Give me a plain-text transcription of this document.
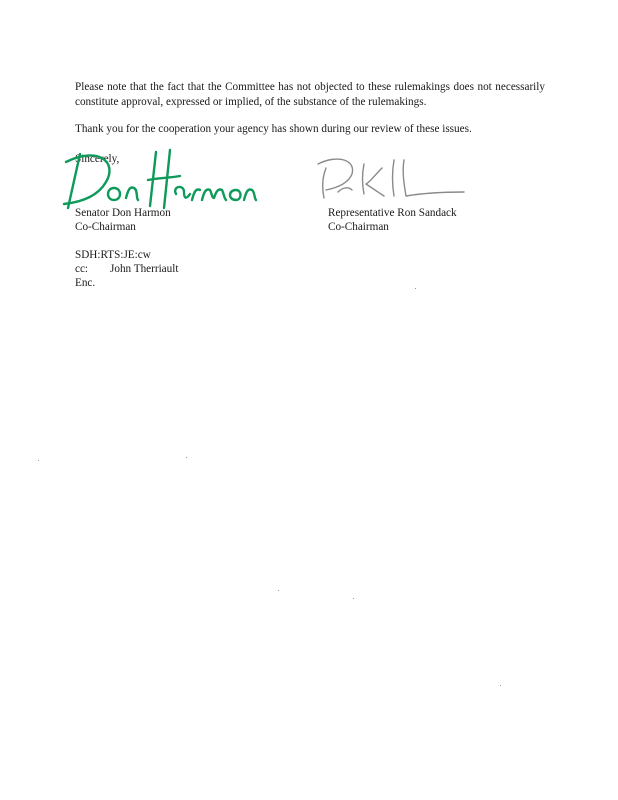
Please note that the fact that the Committee has not objected to these rulemakings does not necessarily constitute approval, expressed or implied, of the substance of the rulemakings.

Thank you for the cooperation your agency has shown during our review of these issues.

Sincerely,
Senator Don Harmon
Co-Chairman
Representative Ron Sandack
Co-Chairman
SDH:RTS:JE:cw
cc: John Therriault
Enc.
